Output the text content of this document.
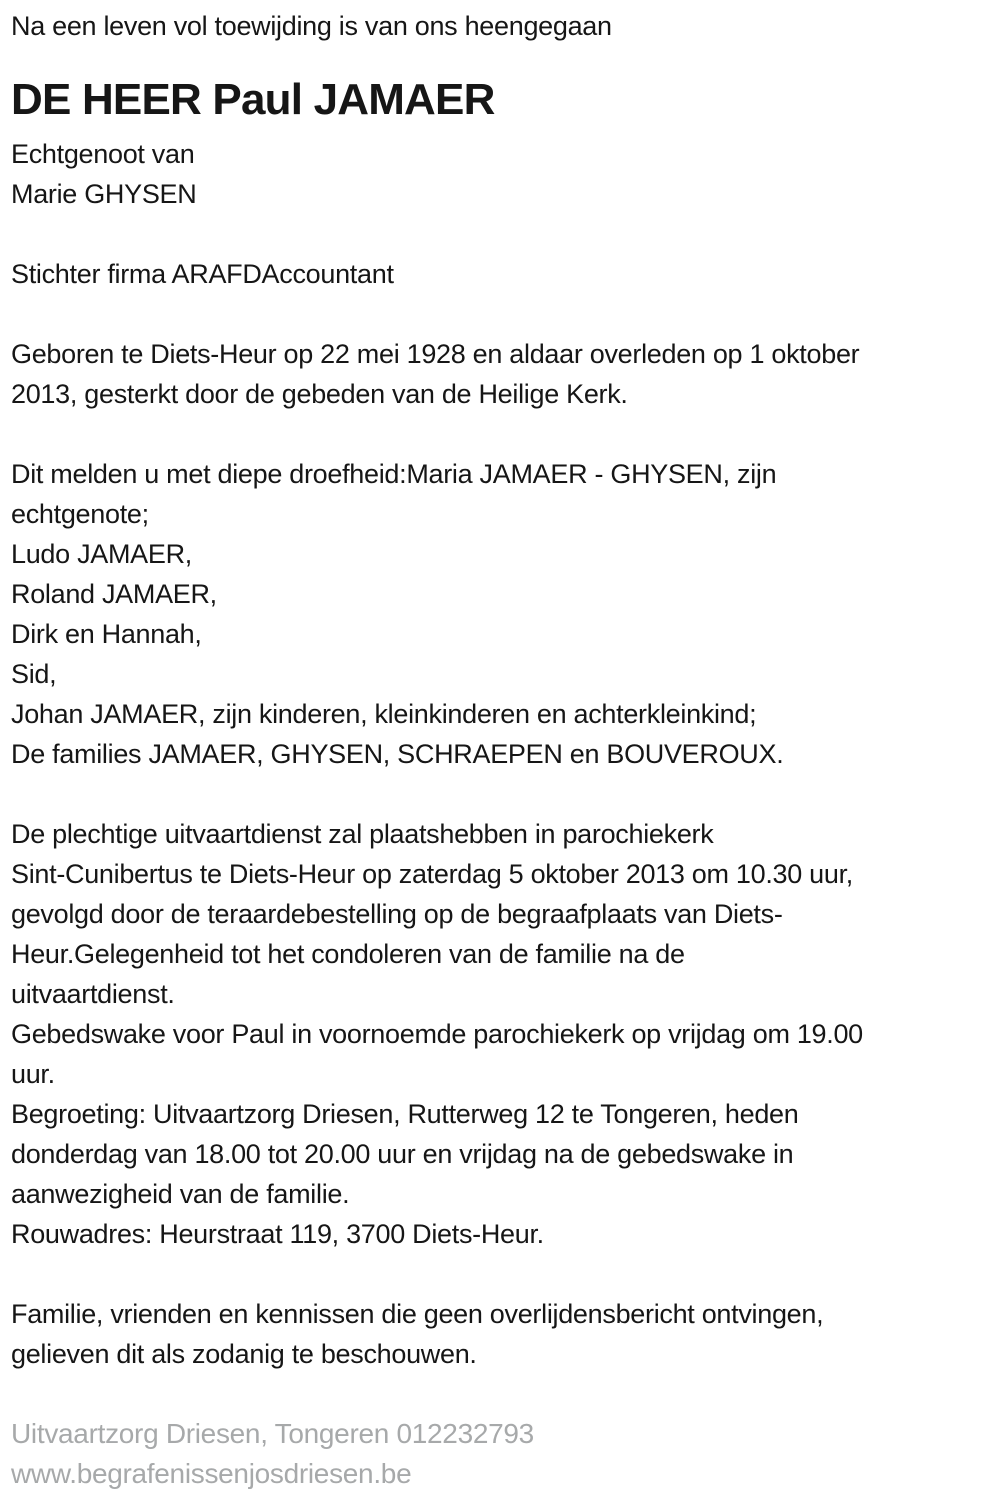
Na een leven vol toewijding is van ons heengegaan
DE HEER Paul JAMAER
Echtgenoot van
Marie GHYSEN
Stichter firma ARAFDAccountant
Geboren te Diets-Heur op 22 mei 1928 en aldaar overleden op 1 oktober
2013, gesterkt door de gebeden van de Heilige Kerk.
Dit melden u met diepe droefheid:Maria JAMAER - GHYSEN, zijn
echtgenote;
Ludo JAMAER,
Roland JAMAER,
Dirk en Hannah,
Sid,
Johan JAMAER, zijn kinderen, kleinkinderen en achterkleinkind;
De families JAMAER, GHYSEN, SCHRAEPEN en BOUVEROUX.
De plechtige uitvaartdienst zal plaatshebben in parochiekerk
Sint-Cunibertus te Diets-Heur op zaterdag 5 oktober 2013 om 10.30 uur,
gevolgd door de teraardebestelling op de begraafplaats van Diets-
Heur.Gelegenheid tot het condoleren van de familie na de
uitvaartdienst.
Gebedswake voor Paul in voornoemde parochiekerk op vrijdag om 19.00
uur.
Begroeting: Uitvaartzorg Driesen, Rutterweg 12 te Tongeren, heden
donderdag van 18.00 tot 20.00 uur en vrijdag na de gebedswake in
aanwezigheid van de familie.
Rouwadres: Heurstraat 119, 3700 Diets-Heur.
Familie, vrienden en kennissen die geen overlijdensbericht ontvingen,
gelieven dit als zodanig te beschouwen.
Uitvaartzorg Driesen, Tongeren 012232793
www.begrafenissenjosdriesen.be
